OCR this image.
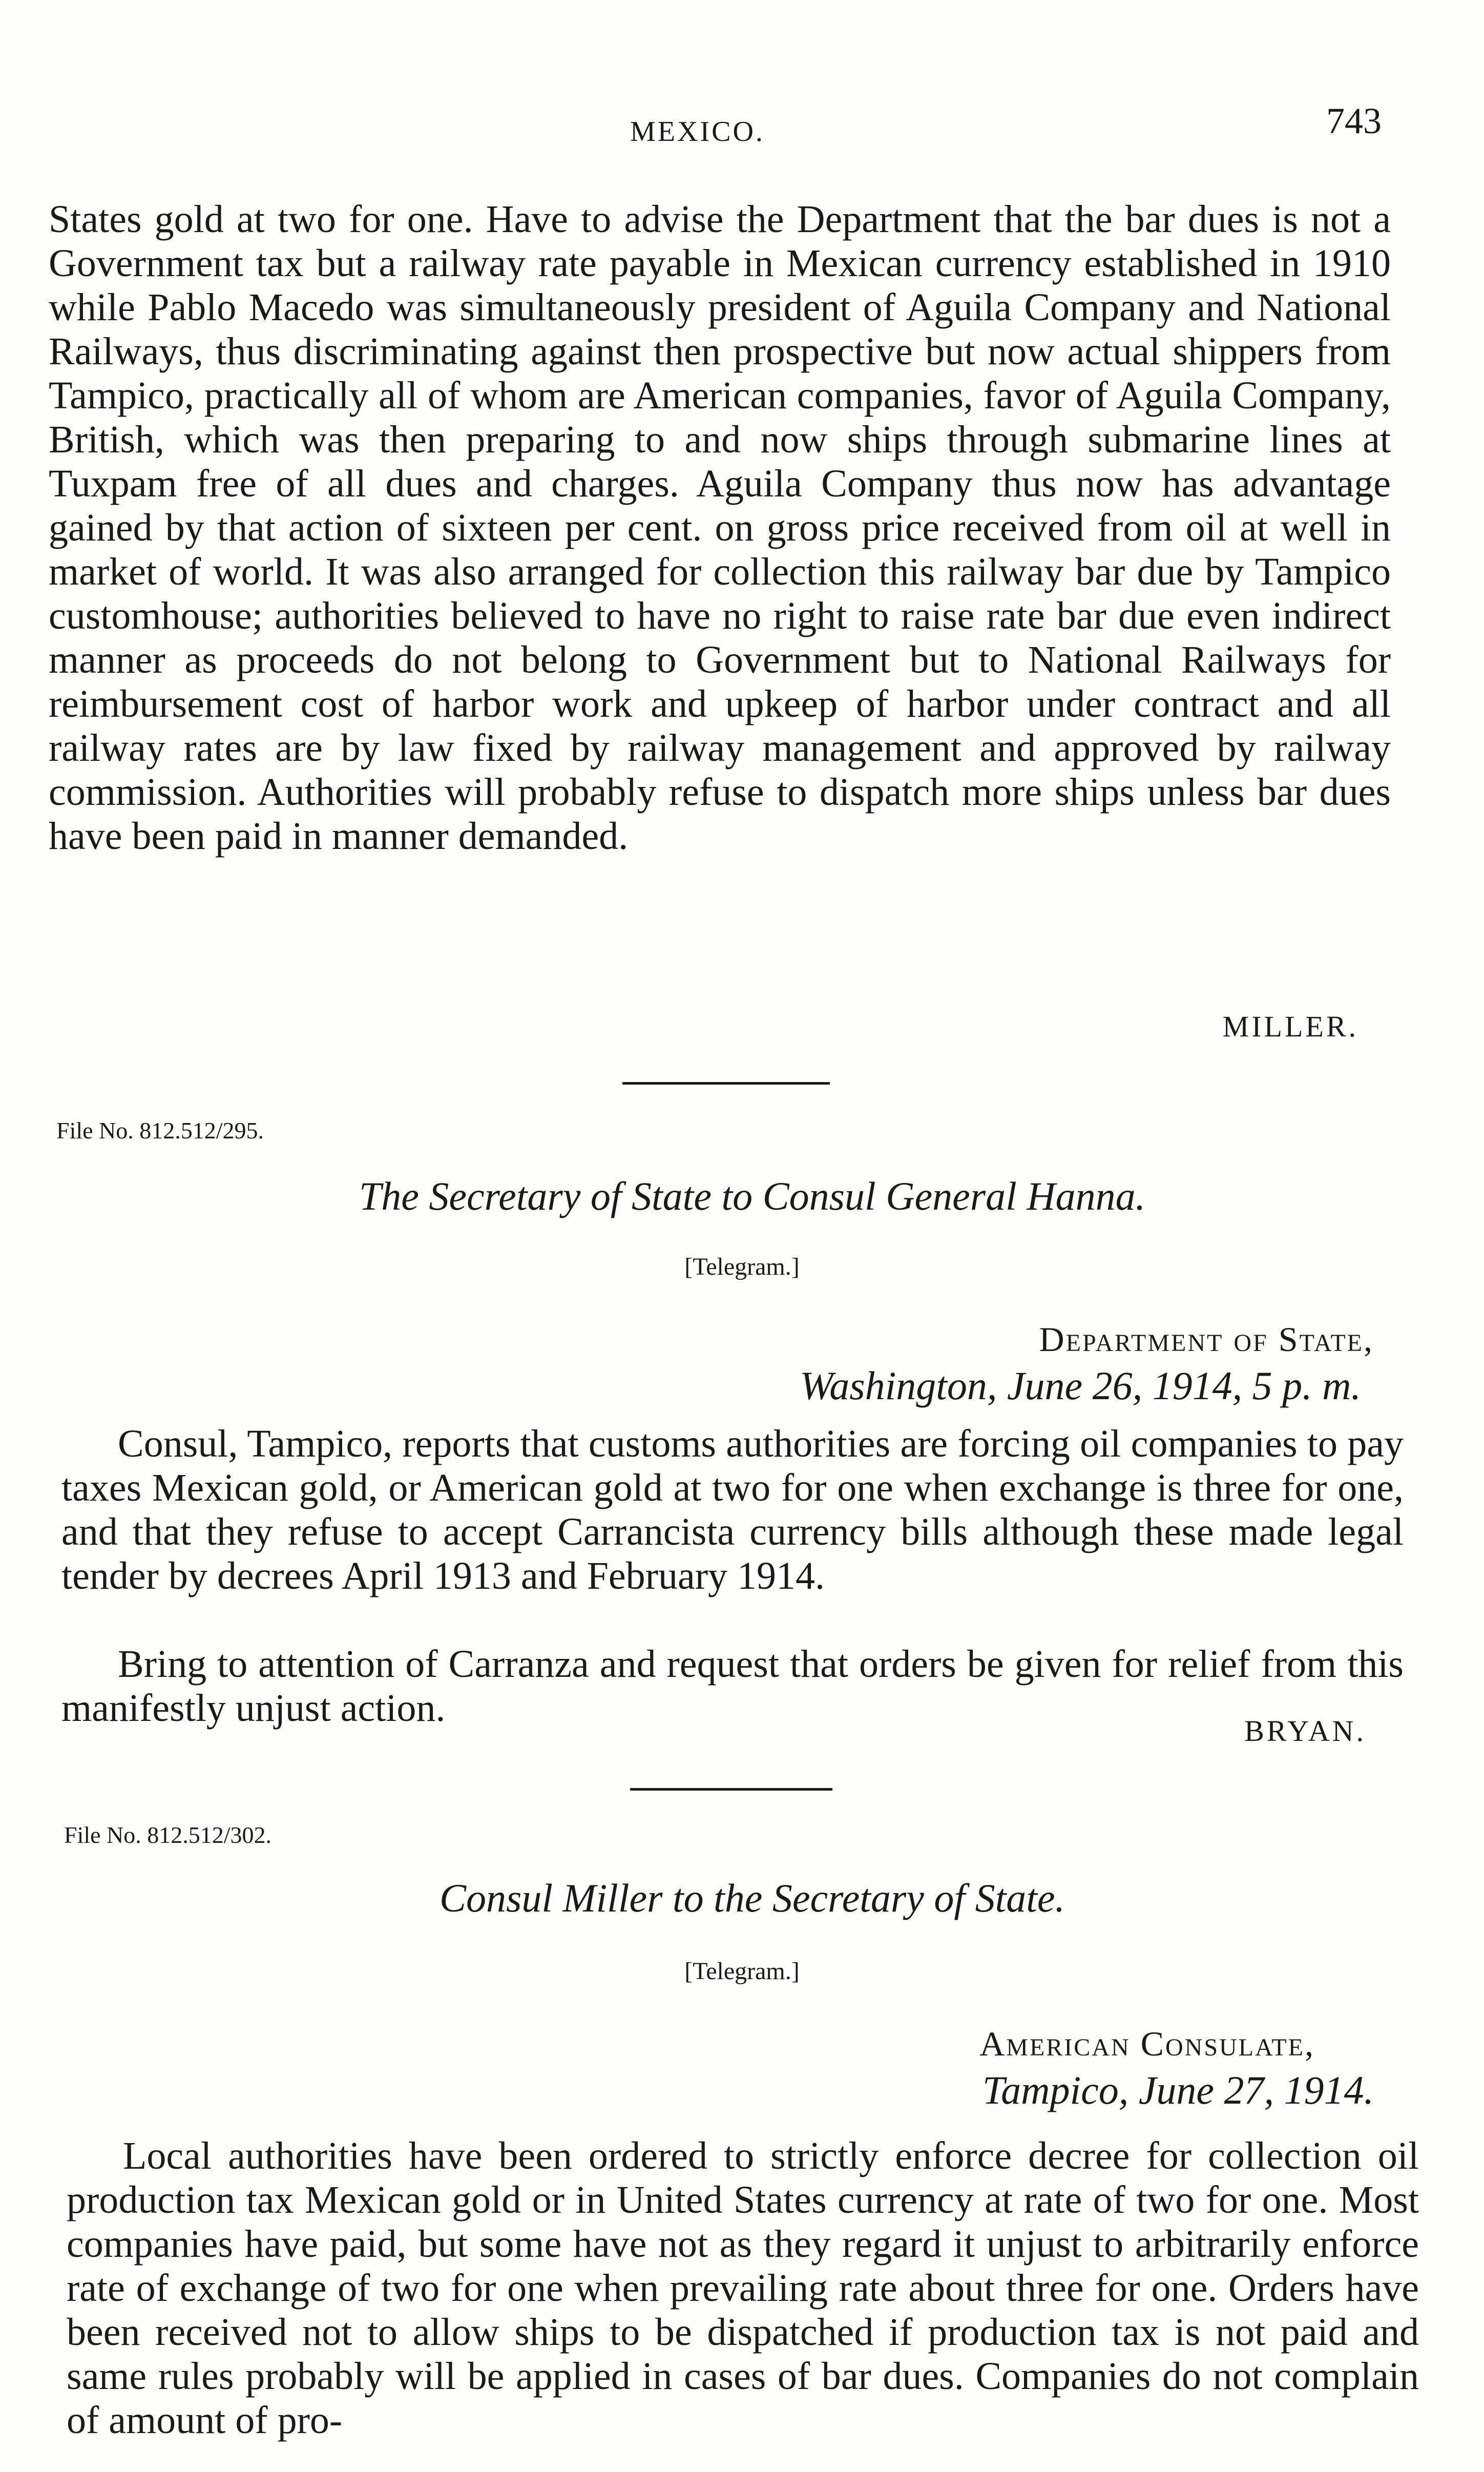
MEXICO.	743

States gold at two for one. Have to advise the Department that the bar dues is not a Government tax but a railway rate payable in Mexican currency established in 1910 while Pablo Macedo was simultaneously president of Aguila Company and National Railways, thus discriminating against then prospective but now actual shippers from Tampico, practically all of whom are American companies, favor of Aguila Company, British, which was then preparing to and now ships through submarine lines at Tuxpam free of all dues and charges. Aguila Company thus now has advantage gained by that action of sixteen per cent. on gross price received from oil at well in market of world. It was also arranged for collection this railway bar due by Tampico customhouse; authorities believed to have no right to raise rate bar due even indirect manner as proceeds do not belong to Government but to National Railways for reimbursement cost of harbor work and upkeep of harbor under contract and all railway rates are by law fixed by railway management and approved by railway commission. Authorities will probably refuse to dispatch more ships unless bar dues have been paid in manner demanded.

MILLER.
File No. 812.512/295.
The Secretary of State to Consul General Hanna.
[Telegram.]
Department of State,
Washington, June 26, 1914, 5 p. m.

Consul, Tampico, reports that customs authorities are forcing oil companies to pay taxes Mexican gold, or American gold at two for one when exchange is three for one, and that they refuse to accept Carrancista currency bills although these made legal tender by decrees April 1913 and February 1914.

Bring to attention of Carranza and request that orders be given for relief from this manifestly unjust action.

BRYAN.
File No. 812.512/302.
Consul Miller to the Secretary of State.
[Telegram.]
American Consulate,
Tampico, June 27, 1914.

Local authorities have been ordered to strictly enforce decree for collection oil production tax Mexican gold or in United States currency at rate of two for one. Most companies have paid, but some have not as they regard it unjust to arbitrarily enforce rate of exchange of two for one when prevailing rate about three for one. Orders have been received not to allow ships to be dispatched if production tax is not paid and same rules probably will be applied in cases of bar dues. Companies do not complain of amount of pro-
